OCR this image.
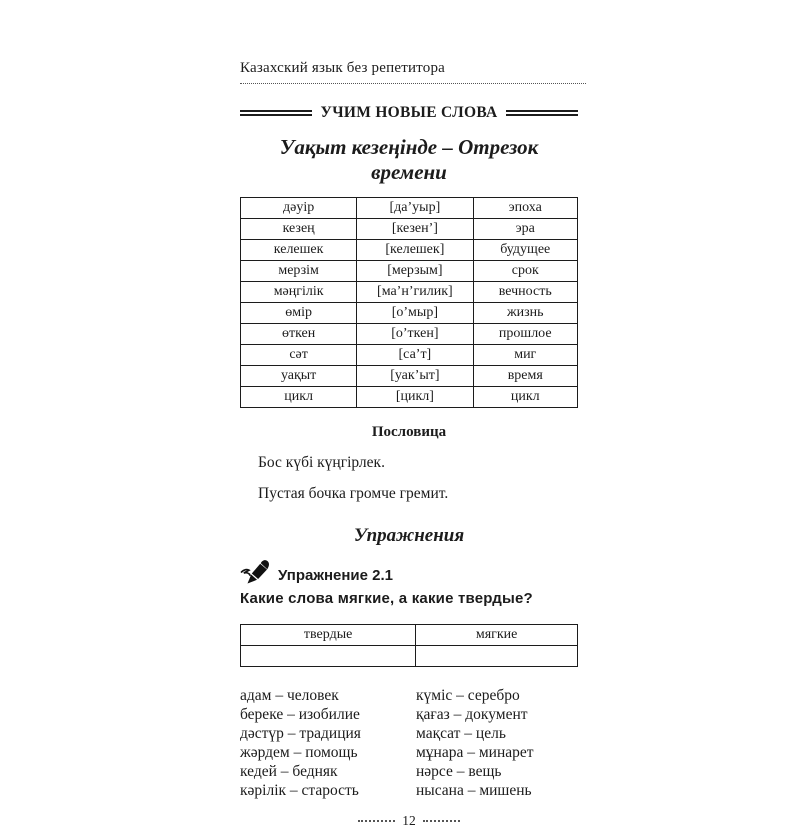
Казахский язык без репетитора
УЧИМ НОВЫЕ СЛОВА
Уақыт кезеңінде – Отрезок времени
дәуір	[да’уыр]	эпоха
кезең	[кезен’]	эра
келешек	[келешек]	будущее
мерзім	[мерзым]	срок
мәңгілік	[ма’н’гилик]	вечность
өмір	[о’мыр]	жизнь
өткен	[о’ткен]	прошлое
сәт	[са’т]	миг
уақыт	[уак’ыт]	время
цикл	[цикл]	цикл
Пословица

Бос күбі күңгірлек.

Пустая бочка громче гремит.

Упражнения
Упражнение 2.1
Какие слова мягкие, а какие твердые?
твердые	мягкие

адам – человек
береке – изобилие
дәстүр – традиция
жәрдем – помощь
кедей – бедняк
кәрілік – старость
күміс – серебро
қағаз – документ
мақсат – цель
мұнара – минарет
нәрсе – вещь
нысана – мишень
12
